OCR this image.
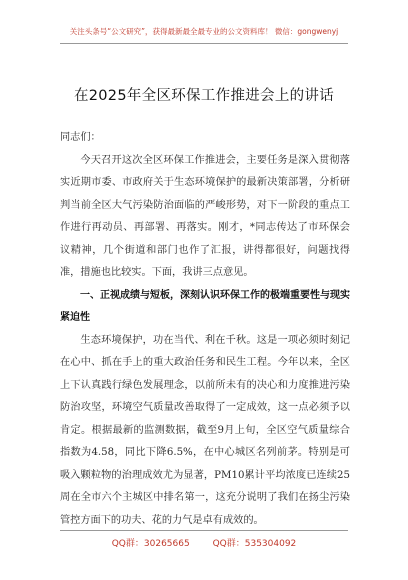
关注头条号“公文研究”，获得最新最全最专业的公文资料库！ 微信：gongwenyj
在2025年全区环保工作推进会上的讲话

同志们：

今天召开这次全区环保工作推进会，主要任务是深入贯彻落实近期市委、市政府关于生态环境保护的最新决策部署，分析研判当前全区大气污染防治面临的严峻形势，对下一阶段的重点工作进行再动员、再部署、再落实。刚才，*同志传达了市环保会议精神，几个街道和部门也作了汇报，讲得都很好，问题找得准，措施也比较实。下面，我讲三点意见。

一、正视成绩与短板，深刻认识环保工作的极端重要性与现实紧迫性

生态环境保护，功在当代、利在千秋。这是一项必须时刻记在心中、抓在手上的重大政治任务和民生工程。今年以来，全区上下认真践行绿色发展理念，以前所未有的决心和力度推进污染防治攻坚，环境空气质量改善取得了一定成效，这一点必须予以肯定。根据最新的监测数据，截至9月上旬，全区空气质量综合指数为4.58，同比下降6.5%，在中心城区名列前茅。特别是可吸入颗粒物的治理成效尤为显著，PM10累计平均浓度已连续25周在全市六个主城区中排名第一，这充分说明了我们在扬尘污染管控方面下的功夫、花的力气是卓有成效的。

QQ群：30265665	QQ群：535304092
